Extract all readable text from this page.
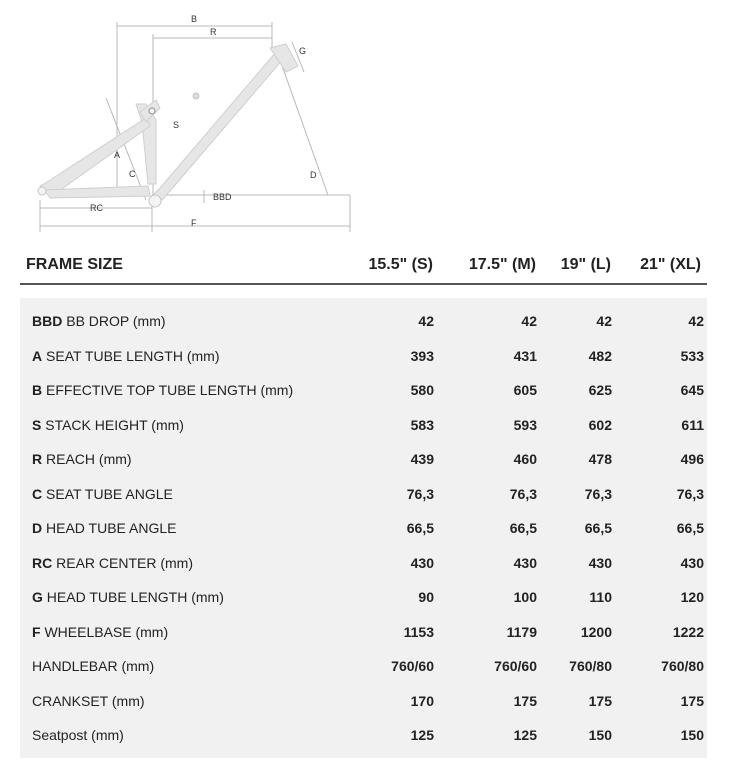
B
R
G
S
A
C	D
BBD
RC
F
FRAME SIZE	15.5" (S)	17.5" (M)	19" (L)	21" (XL)
BBD BB DROP (mm)	42	42	42	42
A SEAT TUBE LENGTH (mm)	393	431	482	533
B EFFECTIVE TOP TUBE LENGTH (mm)	580	605	625	645
S STACK HEIGHT (mm)	583	593	602	611
R REACH (mm)	439	460	478	496
C SEAT TUBE ANGLE	76,3	76,3	76,3	76,3
D HEAD TUBE ANGLE	66,5	66,5	66,5	66,5
RC REAR CENTER (mm)	430	430	430	430
G HEAD TUBE LENGTH (mm)	90	100	110	120
F WHEELBASE (mm)	1153	1179	1200	1222
HANDLEBAR (mm)	760/60	760/60	760/80	760/80
CRANKSET (mm)	170	175	175	175
Seatpost (mm)	125	125	150	150
